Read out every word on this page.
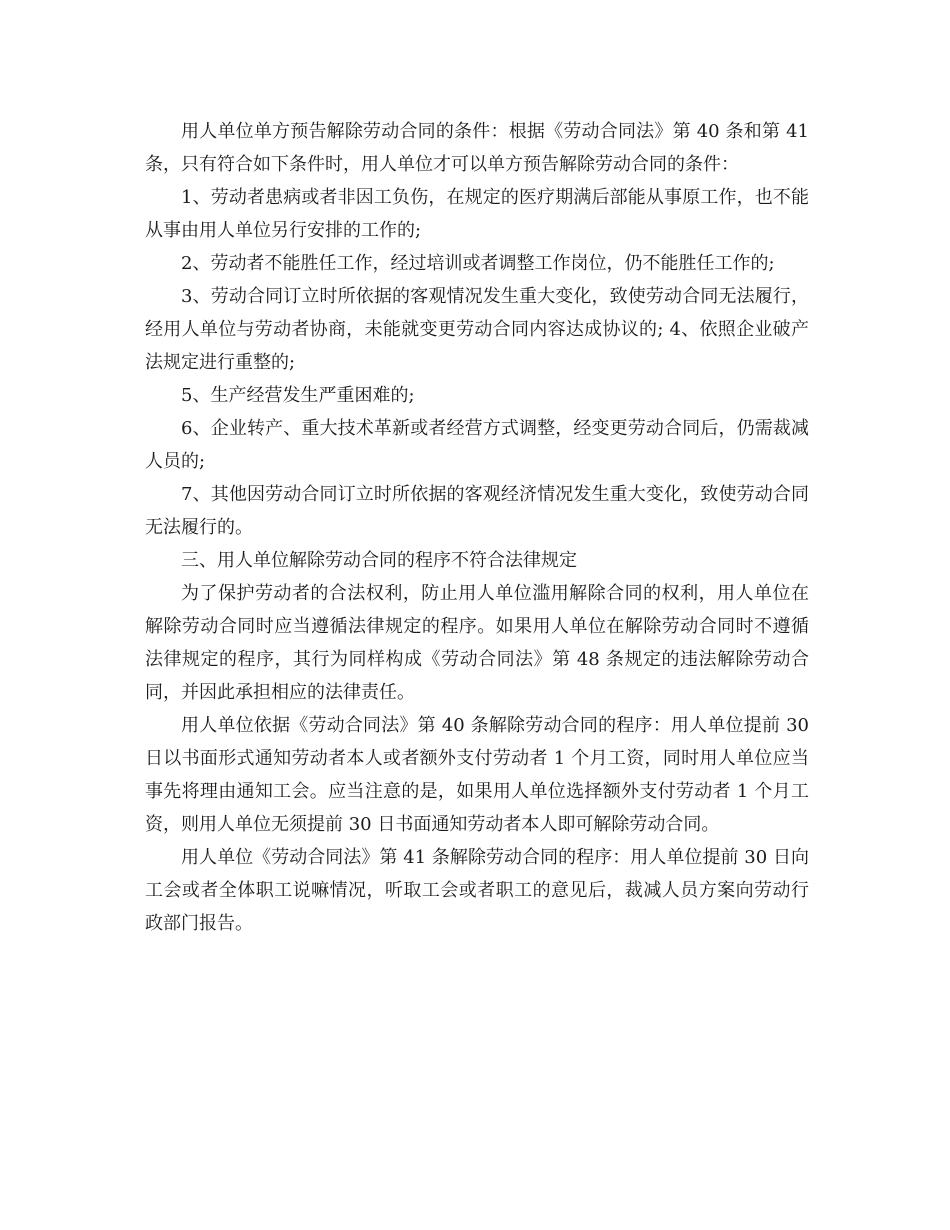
用人单位单方预告解除劳动合同的条件：根据《劳动合同法》第 40 条和第 41 条，只有符合如下条件时，用人单位才可以单方预告解除劳动合同的条件：

1、劳动者患病或者非因工负伤，在规定的医疗期满后部能从事原工作，也不能从事由用人单位另行安排的工作的;

2、劳动者不能胜任工作，经过培训或者调整工作岗位，仍不能胜任工作的;

3、劳动合同订立时所依据的客观情况发生重大变化，致使劳动合同无法履行，经用人单位与劳动者协商，未能就变更劳动合同内容达成协议的; 4、依照企业破产法规定进行重整的;

5、生产经营发生严重困难的;

6、企业转产、重大技术革新或者经营方式调整，经变更劳动合同后，仍需裁减人员的;

7、其他因劳动合同订立时所依据的客观经济情况发生重大变化，致使劳动合同无法履行的。

三、用人单位解除劳动合同的程序不符合法律规定

为了保护劳动者的合法权利，防止用人单位滥用解除合同的权利，用人单位在解除劳动合同时应当遵循法律规定的程序。如果用人单位在解除劳动合同时不遵循法律规定的程序，其行为同样构成《劳动合同法》第 48 条规定的违法解除劳动合同，并因此承担相应的法律责任。

用人单位依据《劳动合同法》第 40 条解除劳动合同的程序：用人单位提前 30 日以书面形式通知劳动者本人或者额外支付劳动者 1 个月工资，同时用人单位应当事先将理由通知工会。应当注意的是，如果用人单位选择额外支付劳动者 1 个月工资，则用人单位无须提前 30 日书面通知劳动者本人即可解除劳动合同。

用人单位《劳动合同法》第 41 条解除劳动合同的程序：用人单位提前 30 日向工会或者全体职工说嘛情况，听取工会或者职工的意见后，裁减人员方案向劳动行政部门报告。
